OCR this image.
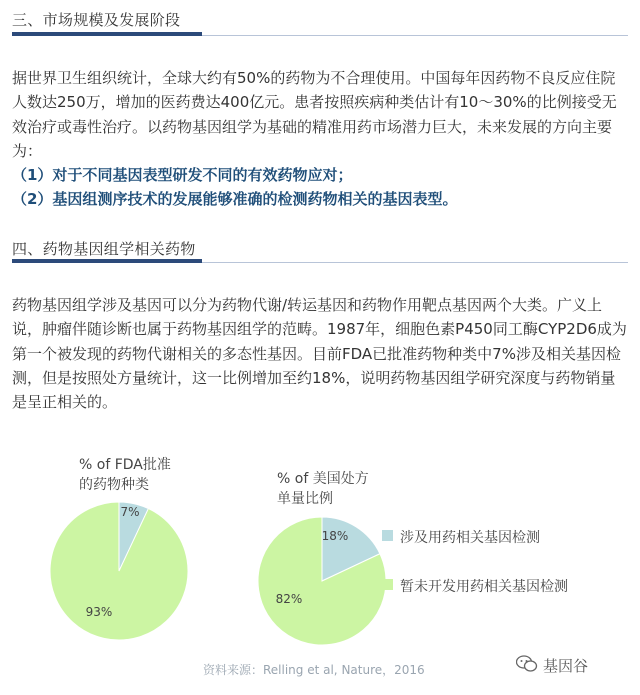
三、市场规模及发展阶段
据世界卫生组织统计，全球大约有50%的药物为不合理使用。中国每年因药物不良反应住院人数达250万，增加的医药费达400亿元。患者按照疾病种类估计有10～30%的比例接受无效治疗或毒性治疗。以药物基因组学为基础的精准用药市场潜力巨大，未来发展的方向主要为：
（1）对于不同基因表型研发不同的有效药物应对；
（2）基因组测序技术的发展能够准确的检测药物相关的基因表型。
四、药物基因组学相关药物
药物基因组学涉及基因可以分为药物代谢/转运基因和药物作用靶点基因两个大类。广义上说，肿瘤伴随诊断也属于药物基因组学的范畴。1987年，细胞色素P450同工酶CYP2D6成为第一个被发现的药物代谢相关的多态性基因。目前FDA已批准药物种类中7%涉及相关基因检测，但是按照处方量统计，这一比例增加至约18%，说明药物基因组学研究深度与药物销量是呈正相关的。
% of FDA批准
的药物种类	% of 美国处方
单量比例
7%
93%
18%
82%
涉及用药相关基因检测
暂未开发用药相关基因检测
资料来源：Relling et al, Nature，2016	基因谷
